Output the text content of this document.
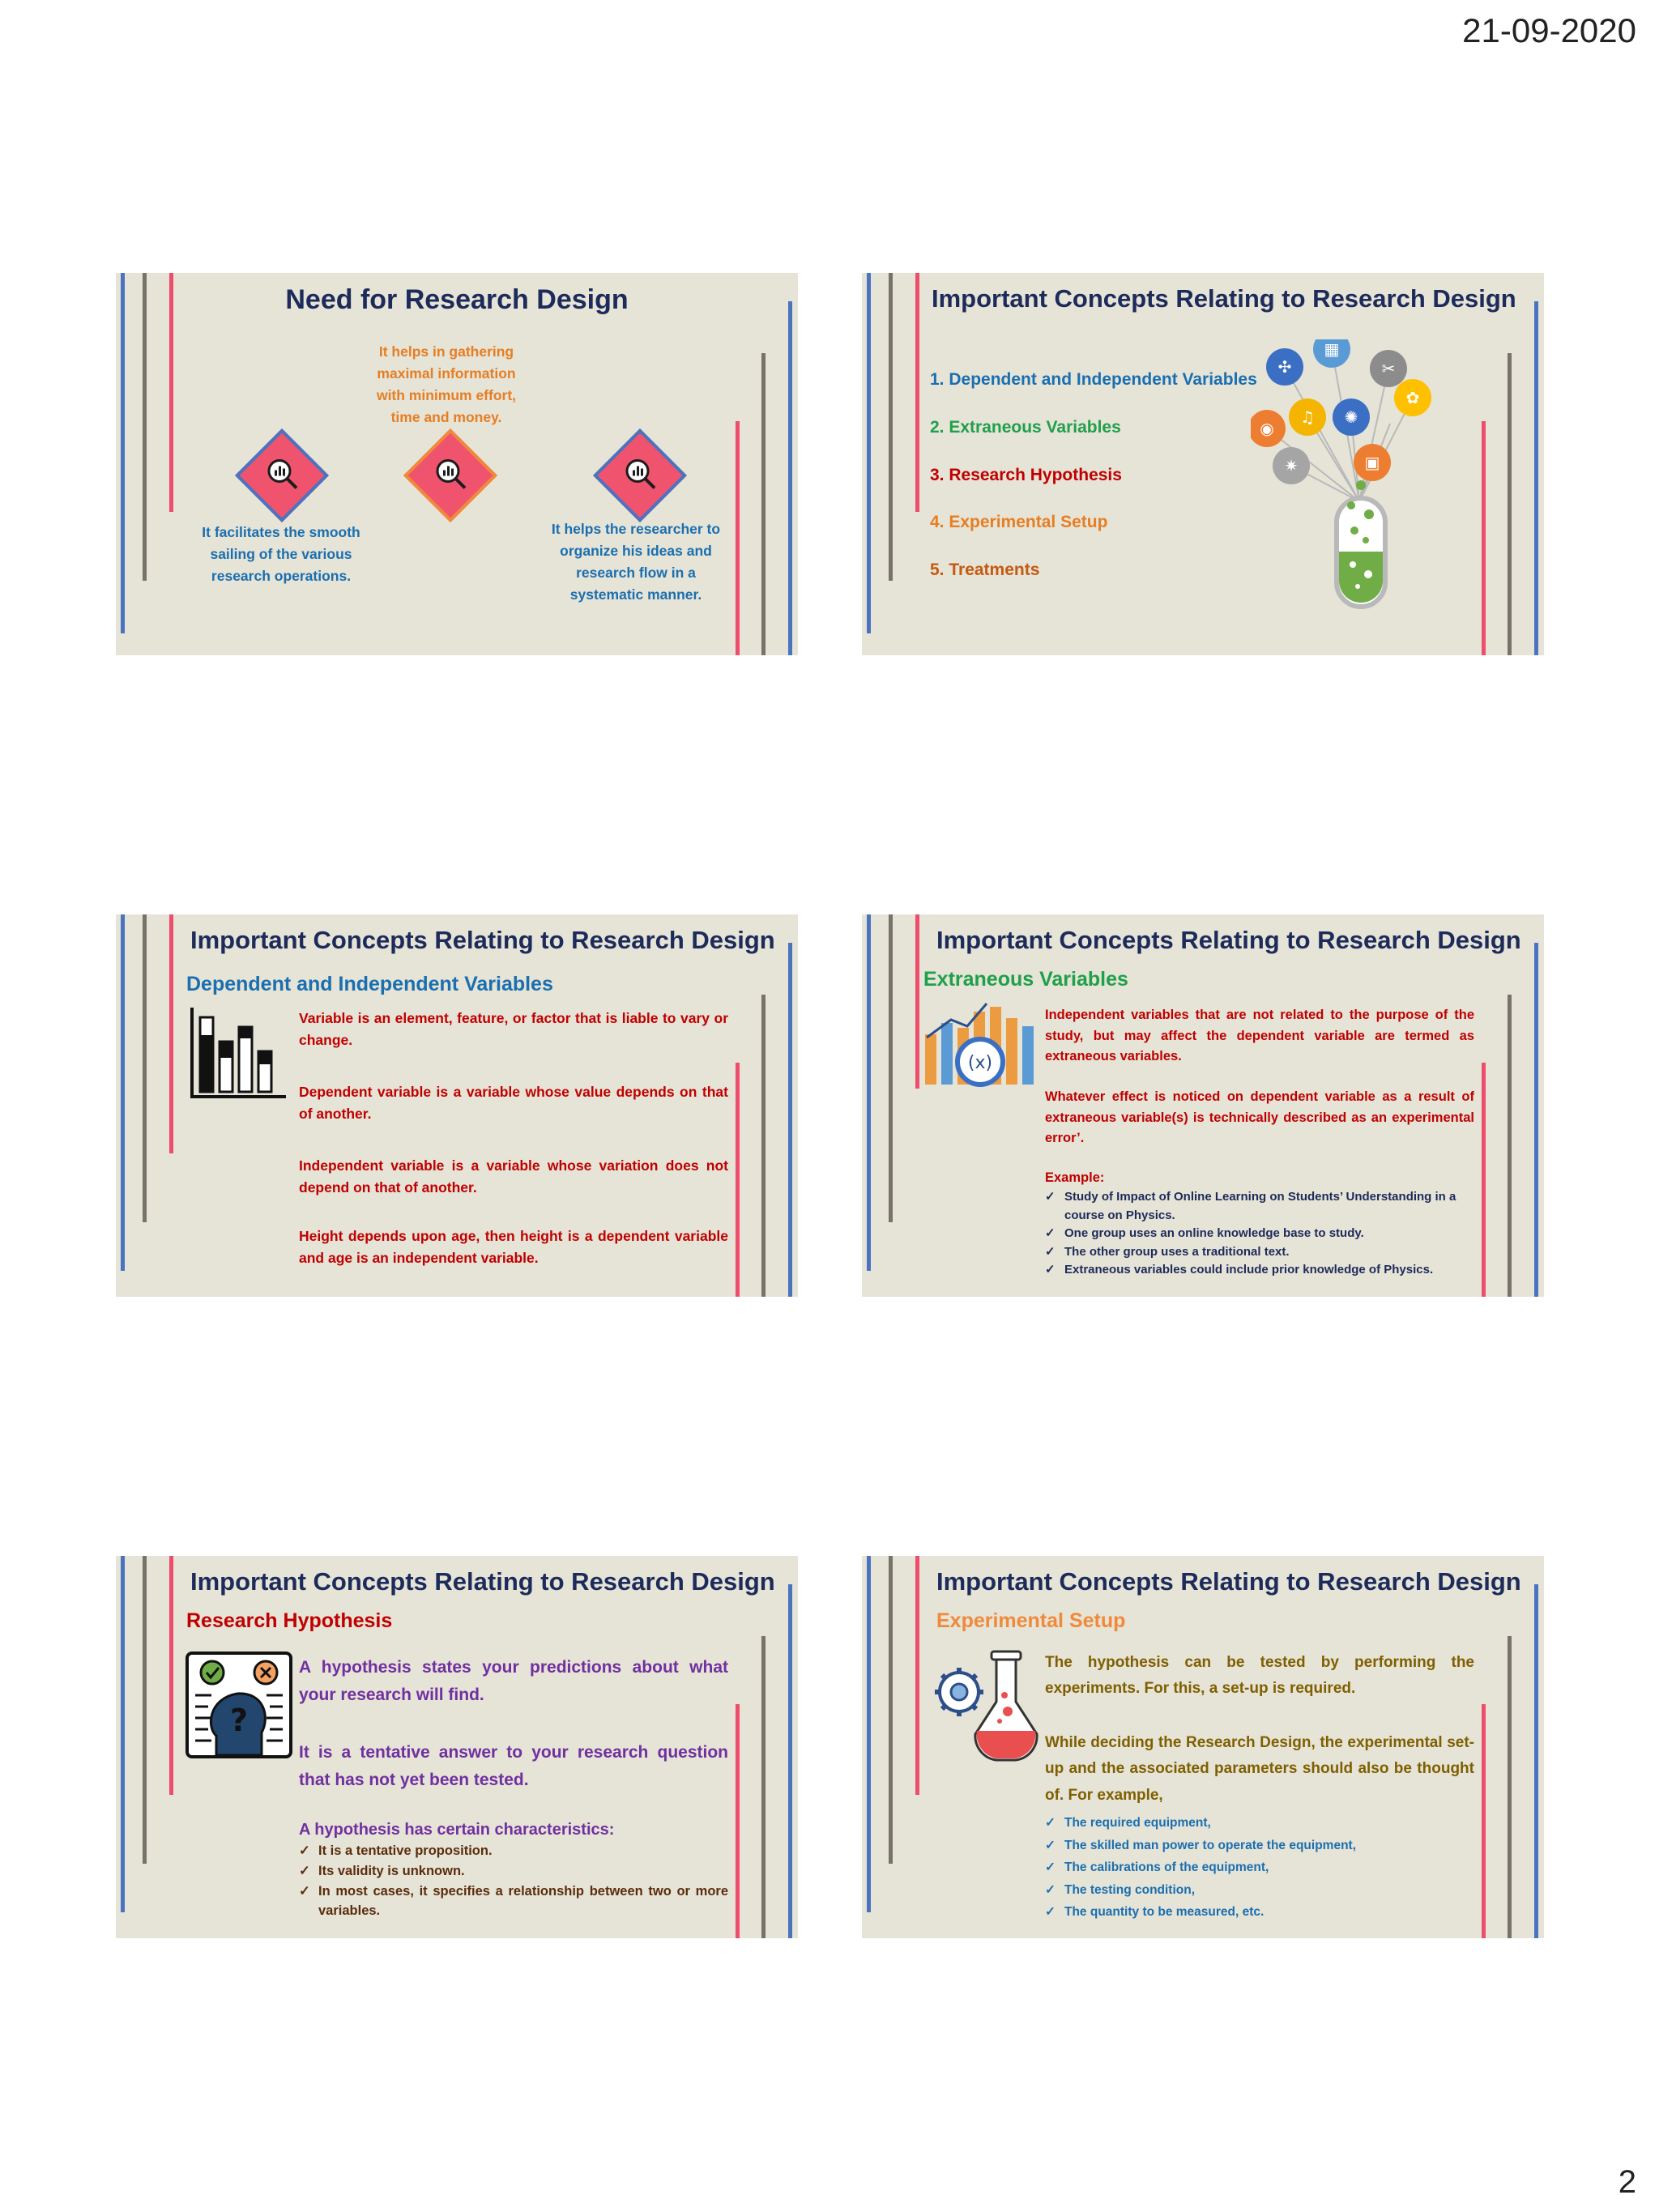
21-09-2020
Need for Research Design
It helps in gathering maximal information with minimum effort, time and money.
It facilitates the smooth sailing of the various research operations.
It helps the researcher to organize his ideas and research flow in a systematic manner.
Important Concepts Relating to Research Design
1. Dependent and Independent Variables
2. Extraneous Variables
3. Research Hypothesis
4. Experimental Setup
5. Treatments
✣
▦
✂
◉
♫ ✺
✿
✷	▣
Important Concepts Relating to Research Design
Dependent and Independent Variables
Variable is an element, feature, or factor that is liable to vary or change.
Dependent variable is a variable whose value depends on that of another.
Independent variable is a variable whose variation does not depend on that of another.
Height depends upon age, then height is a dependent variable and age is an independent variable.
Important Concepts Relating to Research Design
Extraneous Variables
(x)
Independent variables that are not related to the purpose of the study, but may affect the dependent variable are termed as extraneous variables.
Whatever effect is noticed on dependent variable as a result of extraneous variable(s) is technically described as an experimental error’.
Example:
✓ Study of Impact of Online Learning on Students’ Understanding in a course on Physics.
✓ One group uses an online knowledge base to study.
✓ The other group uses a traditional text.
✓ Extraneous variables could include prior knowledge of Physics.
Important Concepts Relating to Research Design
Research Hypothesis
?
A hypothesis states your predictions about what your research will find.
It is a tentative answer to your research question that has not yet been tested.
A hypothesis has certain characteristics:
✓ It is a tentative proposition.
✓ Its validity is unknown.
✓ In most cases, it specifies a relationship between two or more variables.
Important Concepts Relating to Research Design
Experimental Setup
The hypothesis can be tested by performing the experiments. For this, a set-up is required.
While deciding the Research Design, the experimental set-up and the associated parameters should also be thought of. For example,
✓ The required equipment,
✓ The skilled man power to operate the equipment,
✓ The calibrations of the equipment,
✓ The testing condition,
✓ The quantity to be measured, etc.
2
